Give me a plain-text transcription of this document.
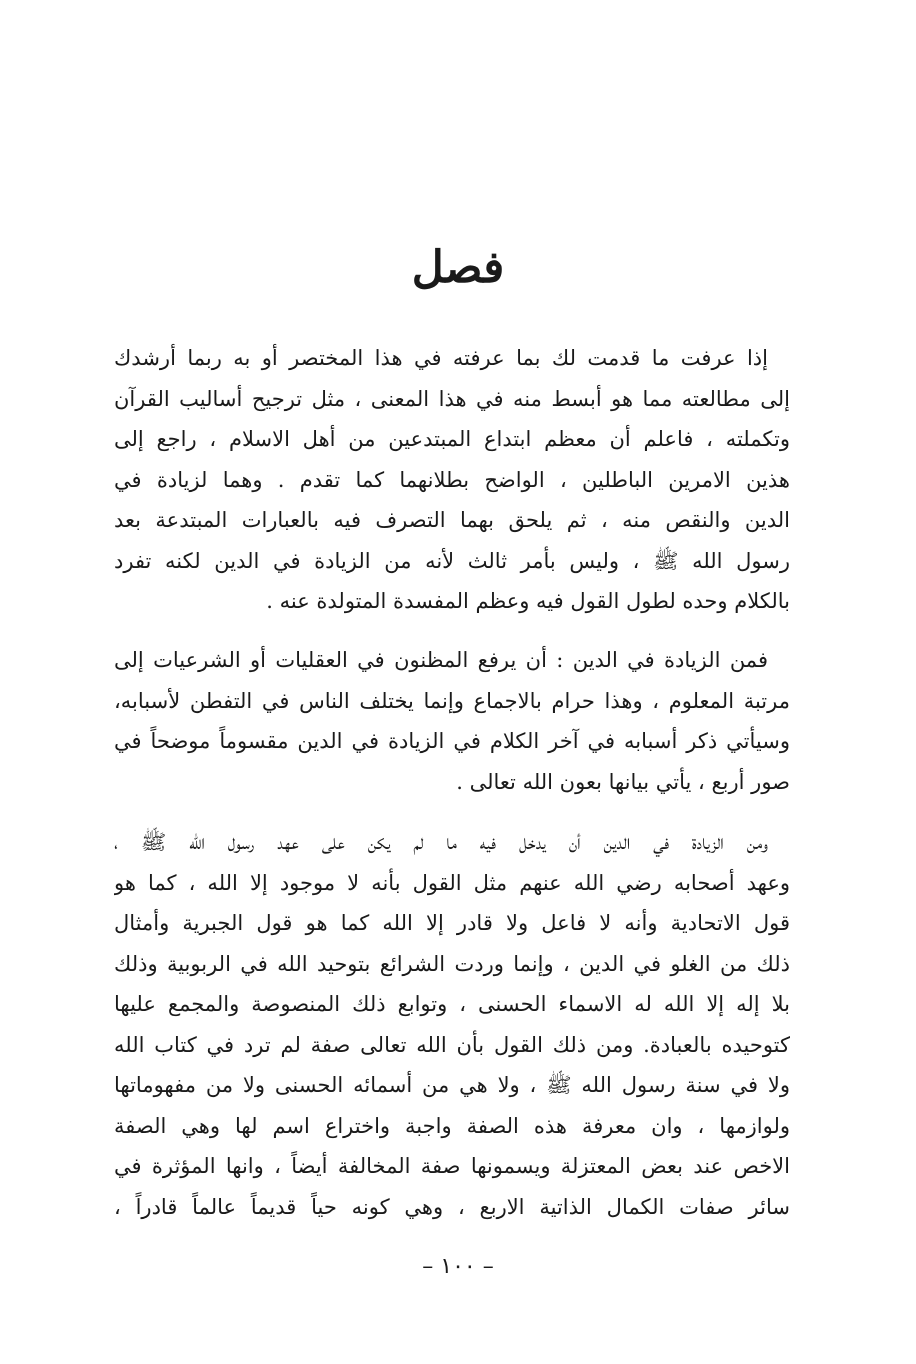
فصل
إذا عرفت ما قدمت لك بما عرفته في هذا المختصر أو به ربما أرشدك
إلى مطالعته مما هو أبسط منه في هذا المعنى ، مثل ترجيح أساليب القرآن
وتكملته ، فاعلم أن معظم ابتداع المبتدعين من أهل الاسلام ، راجع إلى
هذين الامرين الباطلين ، الواضح بطلانهما كما تقدم . وهما لزيادة في
الدين والنقص منه ، ثم يلحق بهما التصرف فيه بالعبارات المبتدعة بعد
رسول الله ﷺ ، وليس بأمر ثالث لأنه من الزيادة في الدين لكنه تفرد
بالكلام وحده لطول القول فيه وعظم المفسدة المتولدة عنه .
فمن الزيادة في الدين : أن يرفع المظنون في العقليات أو الشرعيات إلى
مرتبة المعلوم ، وهذا حرام بالاجماع وإنما يختلف الناس في التفطن لأسبابه،
وسيأتي ذكر أسبابه في آخر الكلام في الزيادة في الدين مقسوماً موضحاً في
صور أربع ، يأتي بيانها بعون الله تعالى .
ومن الزيادة في الدين أن يدخل فيه ما لم يكن على عهد رسول الله ﷺ ،
وعهد أصحابه رضي الله عنهم مثل القول بأنه لا موجود إلا الله ، كما هو
قول الاتحادية وأنه لا فاعل ولا قادر إلا الله كما هو قول الجبرية وأمثال
ذلك من الغلو في الدين ، وإنما وردت الشرائع بتوحيد الله في الربوبية وذلك
بلا إله إلا الله له الاسماء الحسنى ، وتوابع ذلك المنصوصة والمجمع عليها
كتوحيده بالعبادة. ومن ذلك القول بأن الله تعالى صفة لم ترد في كتاب الله
ولا في سنة رسول الله ﷺ ، ولا هي من أسمائه الحسنى ولا من مفهوماتها
ولوازمها ، وان معرفة هذه الصفة واجبة واختراع اسم لها وهي الصفة
الاخص عند بعض المعتزلة ويسمونها صفة المخالفة أيضاً ، وانها المؤثرة في
سائر صفات الكمال الذاتية الاربع ، وهي كونه حياً قديماً عالماً قادراً ،
– ١٠٠ –
